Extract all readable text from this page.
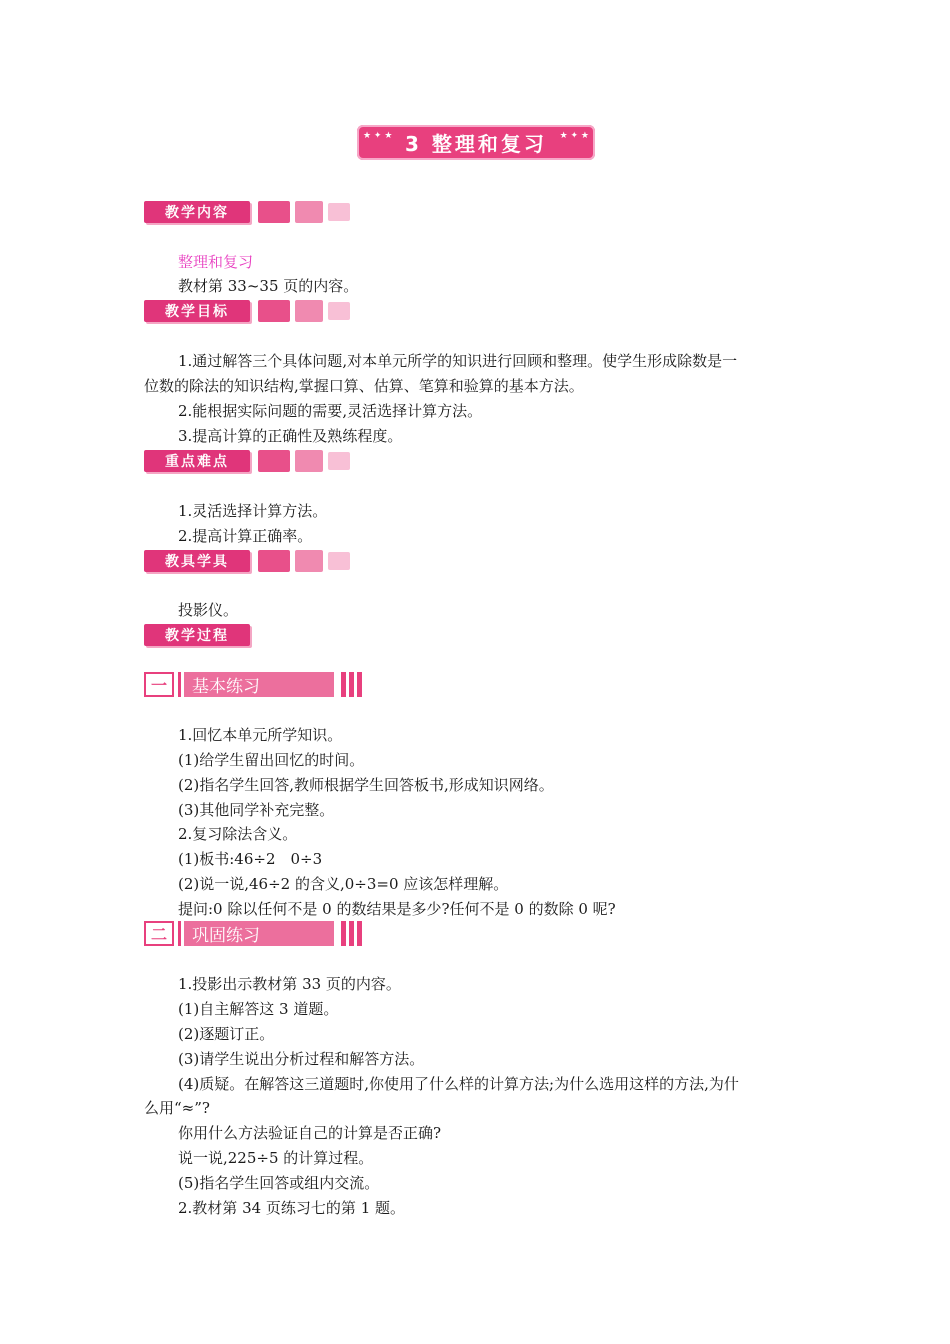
★ ✦ ★ 3 整理和复习 ★ ✦ ★
教学内容
整理和复习
教材第 33~35 页的内容。
教学目标
1.通过解答三个具体问题,对本单元所学的知识进行回顾和整理。使学生形成除数是一
位数的除法的知识结构,掌握口算、估算、笔算和验算的基本方法。
2.能根据实际问题的需要,灵活选择计算方法。
3.提高计算的正确性及熟练程度。
重点难点
1.灵活选择计算方法。
2.提高计算正确率。
教具学具
投影仪。
教学过程
一	基本练习
1.回忆本单元所学知识。
(1)给学生留出回忆的时间。
(2)指名学生回答,教师根据学生回答板书,形成知识网络。
(3)其他同学补充完整。
2.复习除法含义。
(1)板书:46÷2　0÷3
(2)说一说,46÷2 的含义,0÷3=0 应该怎样理解。
提问:0 除以任何不是 0 的数结果是多少?任何不是 0 的数除 0 呢?
二	巩固练习
1.投影出示教材第 33 页的内容。
(1)自主解答这 3 道题。
(2)逐题订正。
(3)请学生说出分析过程和解答方法。
(4)质疑。在解答这三道题时,你使用了什么样的计算方法;为什么选用这样的方法,为什
么用“≈”?
你用什么方法验证自己的计算是否正确?
说一说,225÷5 的计算过程。
(5)指名学生回答或组内交流。
2.教材第 34 页练习七的第 1 题。
